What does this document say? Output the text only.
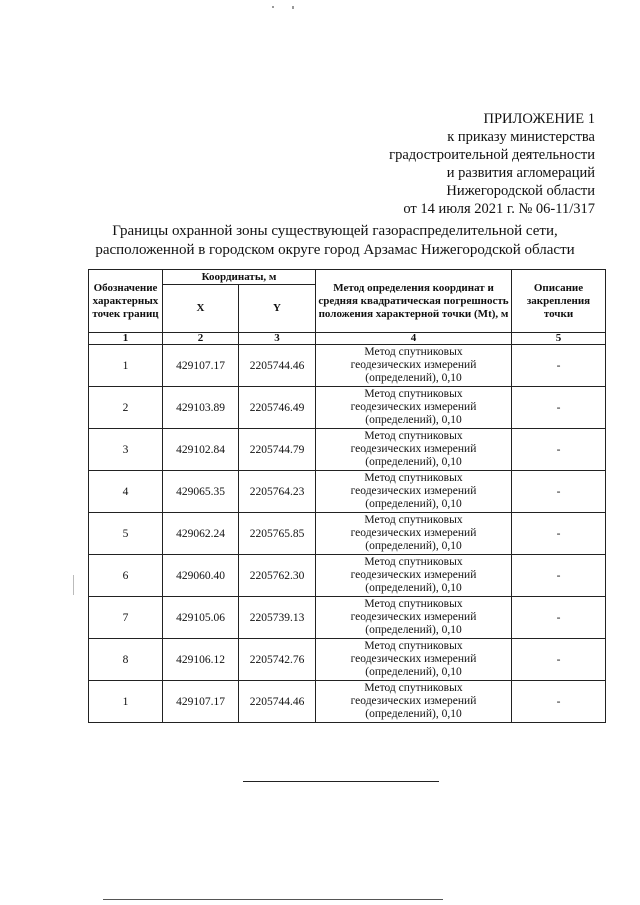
ПРИЛОЖЕНИЕ 1
к приказу министерства
градостроительной деятельности
и развития агломераций
Нижегородской области
от 14 июля 2021 г. № 06-11/317
Границы охранной зоны существующей газораспределительной сети,
расположенной в городском округе город Арзамас Нижегородской области
Обозначение характерных точек границ	Координаты, м		Метод определения координат и средняя квадратическая погрешность положения характерной точки (Mt), м	Описание закрепления точки
	X	Y		
1	2	3	4	5
1	429107.17	2205744.46	Метод спутниковых
геодезических измерений
(определений), 0,10	-
2	429103.89	2205746.49	Метод спутниковых
геодезических измерений
(определений), 0,10	-
3	429102.84	2205744.79	Метод спутниковых
геодезических измерений
(определений), 0,10	-
4	429065.35	2205764.23	Метод спутниковых
геодезических измерений
(определений), 0,10	-
5	429062.24	2205765.85	Метод спутниковых
геодезических измерений
(определений), 0,10	-
6	429060.40	2205762.30	Метод спутниковых
геодезических измерений
(определений), 0,10	-
7	429105.06	2205739.13	Метод спутниковых
геодезических измерений
(определений), 0,10	-
8	429106.12	2205742.76	Метод спутниковых
геодезических измерений
(определений), 0,10	-
1	429107.17	2205744.46	Метод спутниковых
геодезических измерений
(определений), 0,10	-
